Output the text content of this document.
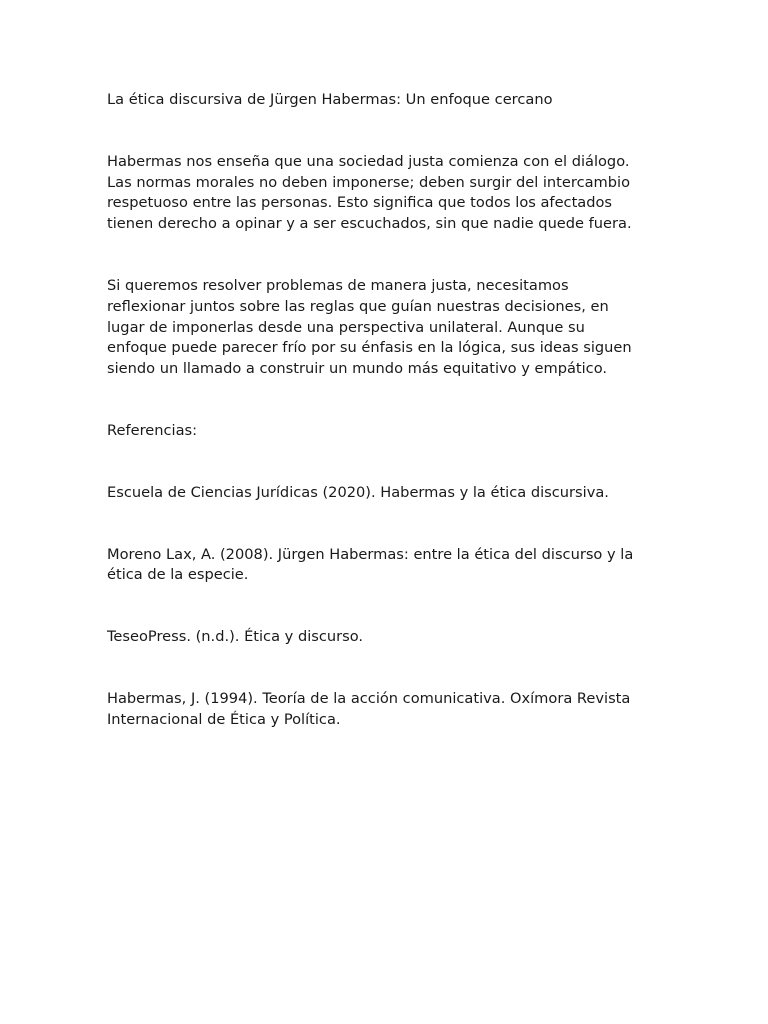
La ética discursiva de Jürgen Habermas: Un enfoque cercano

Habermas nos enseña que una sociedad justa comienza con el diálogo.
Las normas morales no deben imponerse; deben surgir del intercambio
respetuoso entre las personas. Esto significa que todos los afectados
tienen derecho a opinar y a ser escuchados, sin que nadie quede fuera.

Si queremos resolver problemas de manera justa, necesitamos
reflexionar juntos sobre las reglas que guían nuestras decisiones, en
lugar de imponerlas desde una perspectiva unilateral. Aunque su
enfoque puede parecer frío por su énfasis en la lógica, sus ideas siguen
siendo un llamado a construir un mundo más equitativo y empático.

Referencias:

Escuela de Ciencias Jurídicas (2020). Habermas y la ética discursiva.

Moreno Lax, A. (2008). Jürgen Habermas: entre la ética del discurso y la
ética de la especie.

TeseoPress. (n.d.). Ética y discurso.

Habermas, J. (1994). Teoría de la acción comunicativa. Oxímora Revista
Internacional de Ética y Política.
